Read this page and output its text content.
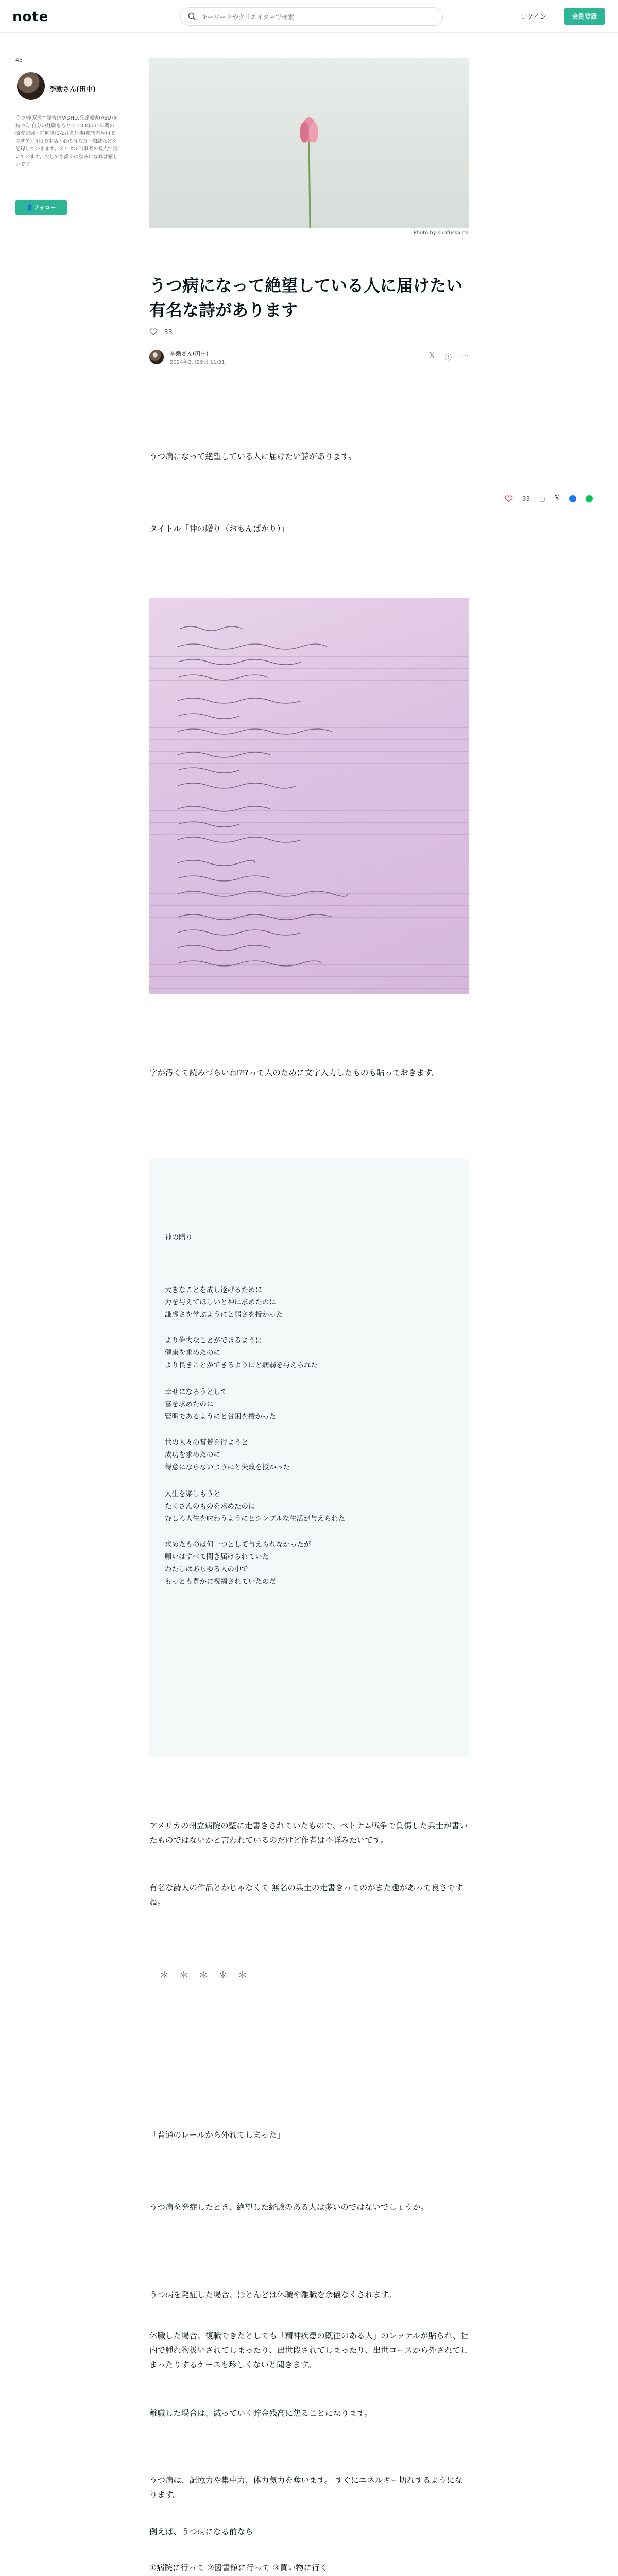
note
キーワードやクリエイターで検索	ログイン	会員登録
45
季動さん(田中)
うつ病(双極性障害)やADHD,発達障害(ASD)を持つ方 自分の経験をもとに 100年の1年間の療養記録・前向きになれる仕事(障害者雇用での就労) 毎日の生活・心の持ち方・知識などを記録していきます。メンタル当事者の視点で書いています。少しでも誰かの励みになれば嬉しいです
👤フォロー
Photo by sunfussama
うつ病になって絶望している人に届けたい有名な詩があります
33
季動さん(田中)
2024年3月29日 11:31
𝕏 ⓕ ⋯
33 ▢ 𝕏

うつ病になって絶望している人に届けたい詩があります。

タイトル「神の贈り（おもんぱかり）」

字が汚くて読みづらいわ⁉⁉って人のために文字入力したものも貼っておきます。

神の贈り
大きなことを成し遂げるために
力を与えてほしいと神に求めたのに
謙虚さを学ぶようにと弱さを授かった
より偉大なことができるように
健康を求めたのに
より良きことができるようにと病弱を与えられた
幸せになろうとして
富を求めたのに
賢明であるようにと貧困を授かった
世の人々の賞賛を得ようと
成功を求めたのに
得意にならないようにと失敗を授かった
人生を楽しもうと
たくさんのものを求めたのに
むしろ人生を味わうようにとシンプルな生活が与えられた
求めたものは何一つとして与えられなかったが
願いはすべて聞き届けられていた
わたしはあらゆる人の中で
もっとも豊かに祝福されていたのだ

アメリカの州立病院の壁に走書きされていたもので、ベトナム戦争で負傷した兵士が書いたものではないかと言われているのだけど作者は不詳みたいです。

有名な詩人の作品とかじゃなくて 無名の兵士の走書きってのがまた趣があって良さですね。

＊＊＊＊＊

「普通のレールから外れてしまった」

うつ病を発症したとき、絶望した経験のある人は多いのではないでしょうか。

うつ病を発症した場合、ほとんどは休職や離職を余儀なくされます。

休職した場合、復職できたとしても「精神疾患の既往のある人」のレッテルが貼られ、社内で腫れ物扱いされてしまったり、出世段されてしまったり、出世コースから外されてしまったりするケースも珍しくないと聞きます。

離職した場合は、減っていく貯金残高に焦ることになります。

うつ病は、記憶力や集中力、体力気力を奪います。 すぐにエネルギー切れするようになります。

例えば、うつ病になる前なら

①病院に行って ②図書館に行って ③買い物に行く
